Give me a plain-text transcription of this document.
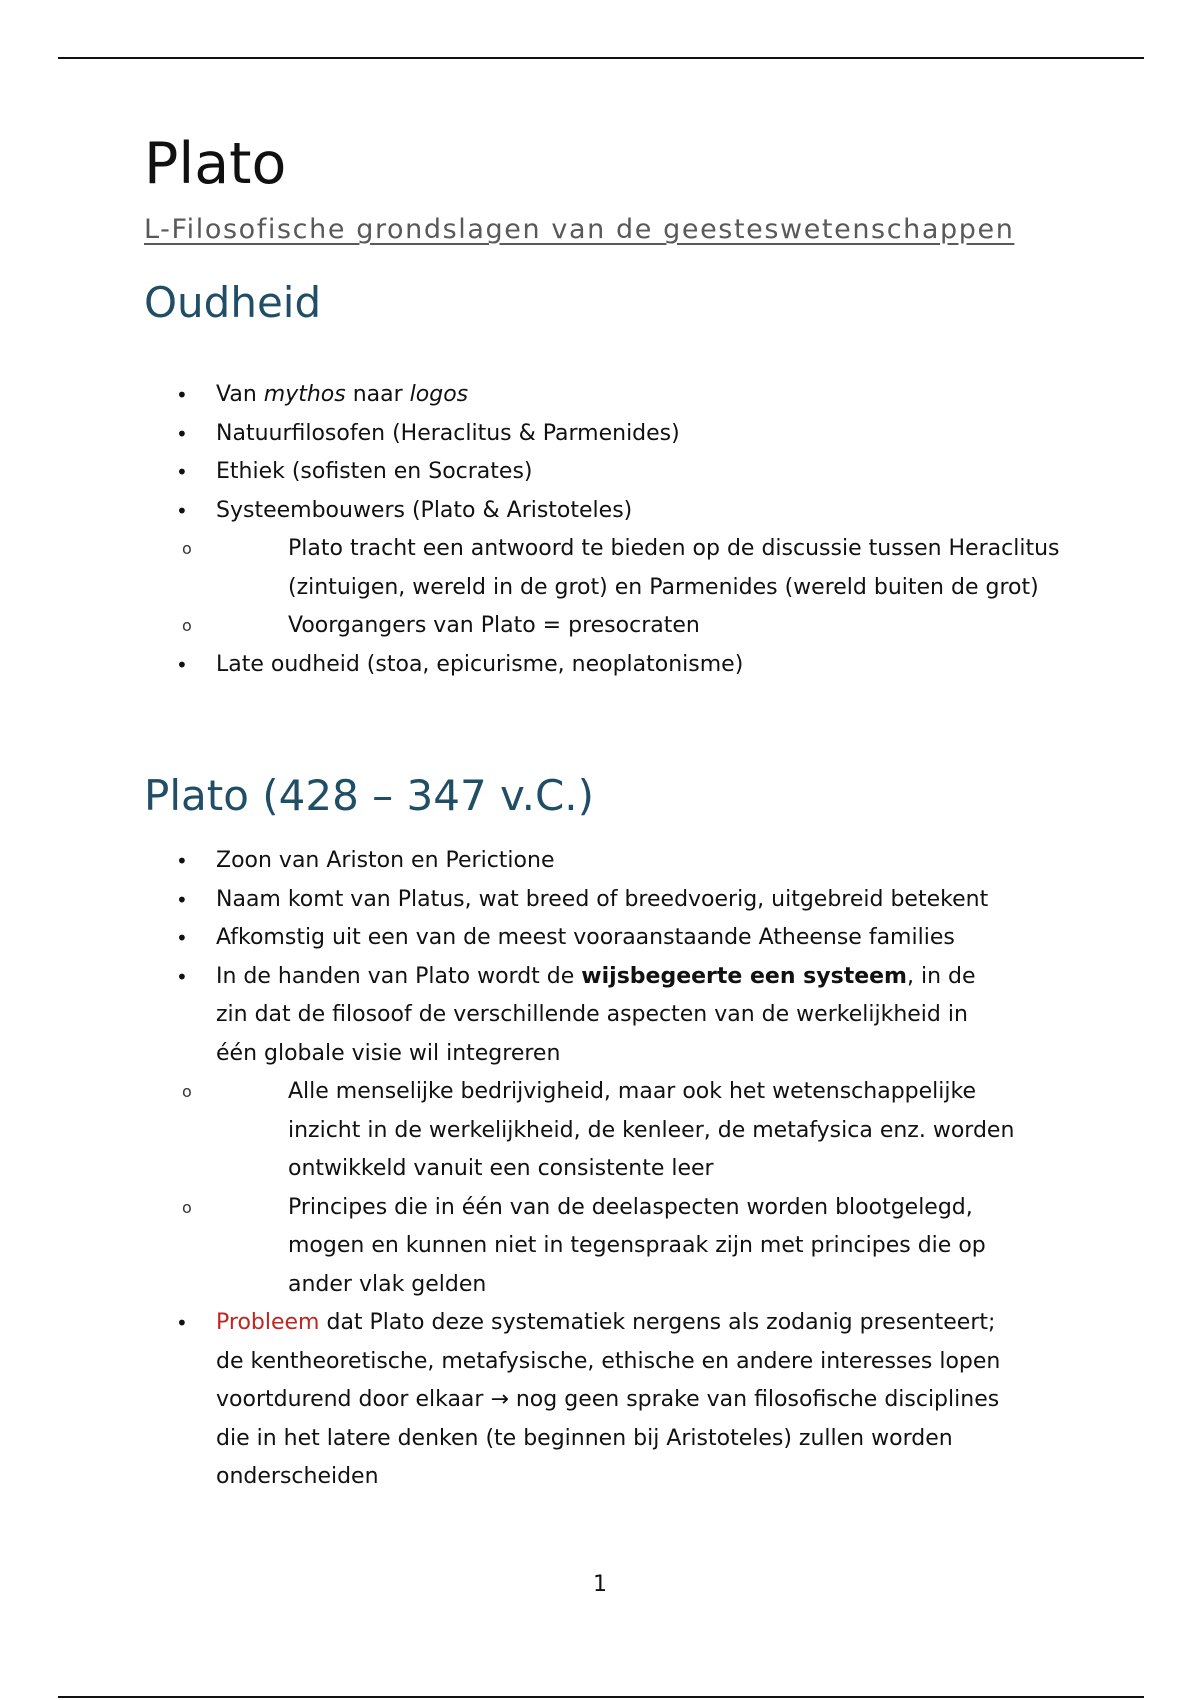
Plato
L-Filosofische grondslagen van de geesteswetenschappen
Oudheid
• Van mythos naar logos
• Natuurfilosofen (Heraclitus & Parmenides)
• Ethiek (sofisten en Socrates)
• Systeembouwers (Plato & Aristoteles)
o Plato tracht een antwoord te bieden op de discussie tussen Heraclitus (zintuigen, wereld in de grot) en Parmenides (wereld buiten de grot)
o Voorgangers van Plato = presocraten
• Late oudheid (stoa, epicurisme, neoplatonisme)
Plato (428 – 347 v.C.)
• Zoon van Ariston en Perictione
• Naam komt van Platus, wat breed of breedvoerig, uitgebreid betekent
• Afkomstig uit een van de meest vooraanstaande Atheense families
• In de handen van Plato wordt de wijsbegeerte een systeem, in de zin dat de filosoof de verschillende aspecten van de werkelijkheid in één globale visie wil integreren
o Alle menselijke bedrijvigheid, maar ook het wetenschappelijke inzicht in de werkelijkheid, de kenleer, de metafysica enz. worden ontwikkeld vanuit een consistente leer
o Principes die in één van de deelaspecten worden blootgelegd, mogen en kunnen niet in tegenspraak zijn met principes die op ander vlak gelden
• Probleem dat Plato deze systematiek nergens als zodanig presenteert; de kentheoretische, metafysische, ethische en andere interesses lopen voortdurend door elkaar → nog geen sprake van filosofische disciplines die in het latere denken (te beginnen bij Aristoteles) zullen worden onderscheiden
1
